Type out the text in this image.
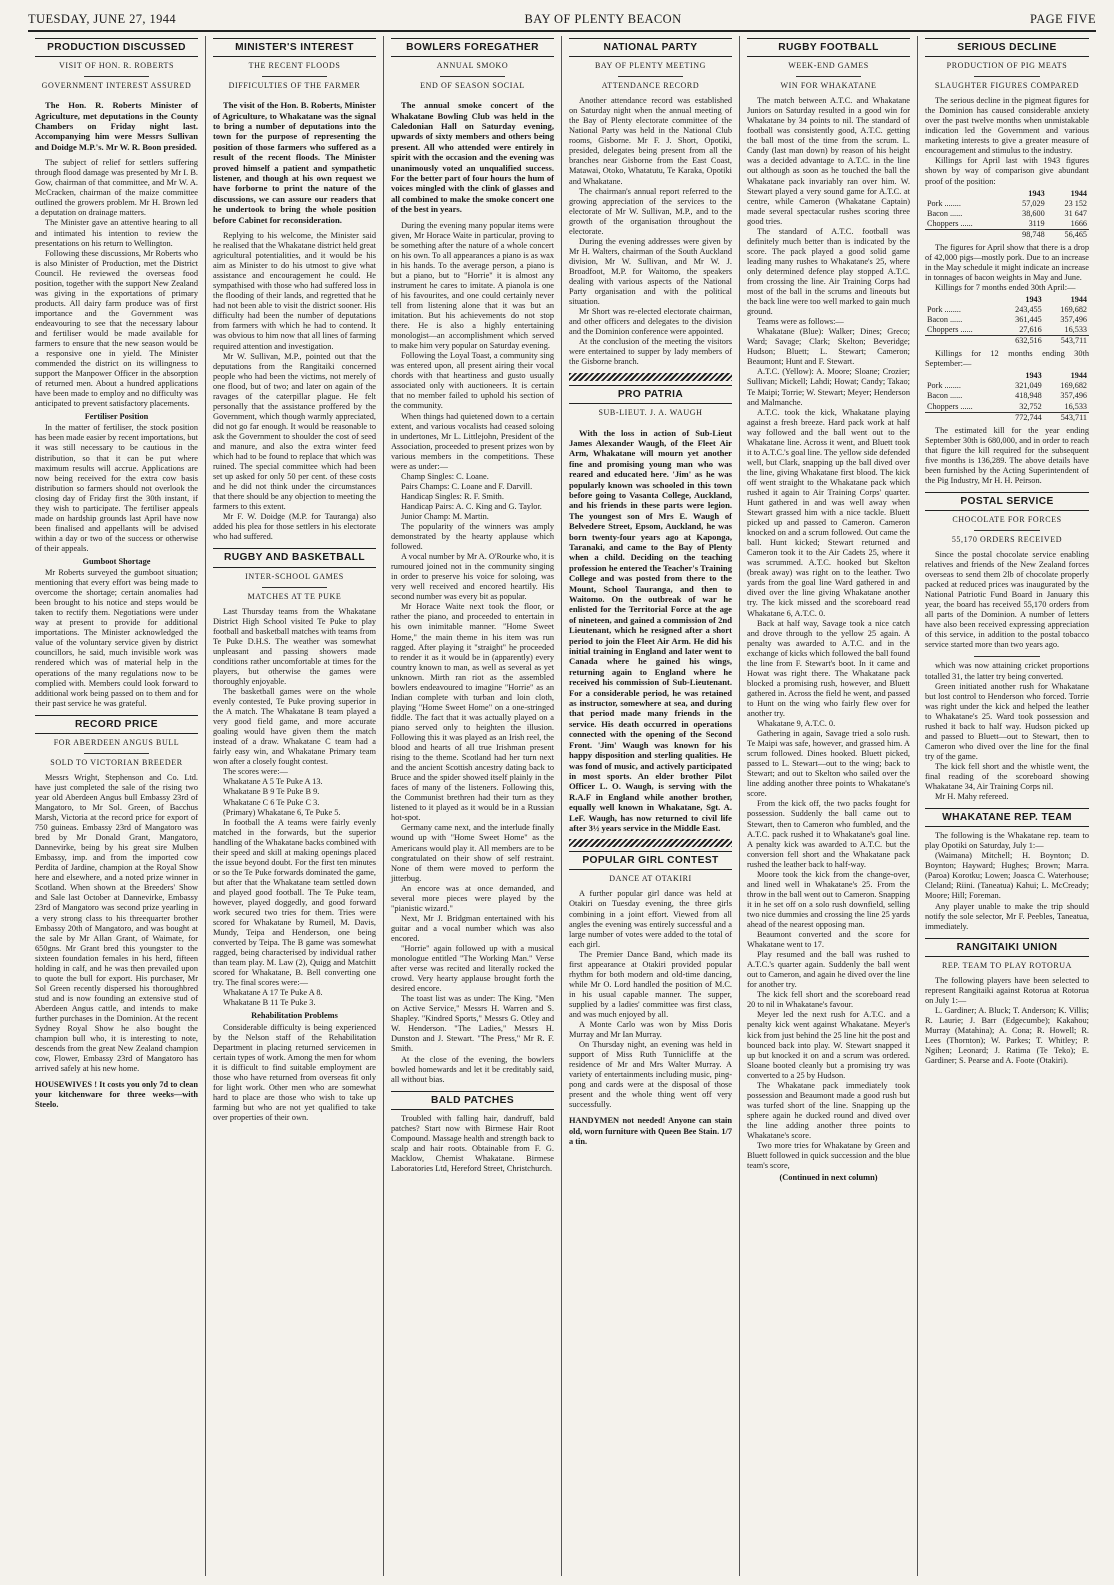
TUESDAY, JUNE 27, 1944	BAY OF PLENTY BEACON	PAGE FIVE
PRODUCTION DISCUSSED
VISIT OF HON. R. ROBERTS
GOVERNMENT INTEREST ASSURED

The Hon. R. Roberts Minister of Agriculture, met deputations in the County Chambers on Friday night last. Accompanying him were Messrs Sullivan and Doidge M.P.'s. Mr W. R. Boon presided.

The subject of relief for settlers suffering through flood damage was presented by Mr I. B. Gow, chairman of that committee, and Mr W. A. McCracken, chairman of the maize committee outlined the growers problem. Mr H. Brown led a deputation on drainage matters.

The Minister gave an attentive hearing to all and intimated his intention to review the presentations on his return to Wellington.

Following these discussions, Mr Roberts who is also Minister of Production, met the District Council. He reviewed the overseas food position, together with the support New Zealand was giving in the exportations of primary products. All dairy farm produce was of first importance and the Government was endeavouring to see that the necessary labour and fertiliser would be made available for farmers to ensure that the new season would be a responsive one in yield. The Minister commended the district on its willingness to support the Manpower Officer in the absorption of returned men. About a hundred applications have been made to employ and no difficulty was anticipated to prevent satisfactory placements.

Fertiliser Position

In the matter of fertiliser, the stock position has been made easier by recent importations, but it was still necessary to be cautious in the distribution, so that it can be put where maximum results will accrue. Applications are now being received for the extra cow basis distribution so farmers should not overlook the closing day of Friday first the 30th instant, if they wish to participate. The fertiliser appeals made on hardship grounds last April have now been finalised and appellants will be advised within a day or two of the success or otherwise of their appeals.

Gumboot Shortage

Mr Roberts surveyed the gumboot situation; mentioning that every effort was being made to overcome the shortage; certain anomalies had been brought to his notice and steps would be taken to rectify them. Negotiations were under way at present to provide for additional importations. The Minister acknowledged the value of the voluntary service given by district councillors, he said, much invisible work was rendered which was of material help in the operations of the many regulations now to be complied with. Members could look forward to additional work being passed on to them and for their past service he was grateful.

RECORD PRICE
FOR ABERDEEN ANGUS BULL
SOLD TO VICTORIAN BREEDER

Messrs Wright, Stephenson and Co. Ltd. have just completed the sale of the rising two year old Aberdeen Angus bull Embassy 23rd of Mangatoro, to Mr Sol. Green, of Bacchus Marsh, Victoria at the record price for export of 750 guineas. Embassy 23rd of Mangatoro was bred by Mr Donald Grant, Mangatoro, Dannevirke, being by his great sire Mulben Embassy, imp. and from the imported cow Perdita of Jardine, champion at the Royal Show here and elsewhere, and a noted prize winner in Scotland. When shown at the Breeders' Show and Sale last October at Dannevirke, Embassy 23rd of Mangatoro was second prize yearling in a very strong class to his threequarter brother Embassy 20th of Mangatoro, and was bought at the sale by Mr Allan Grant, of Waimate, for 650gns. Mr Grant bred this youngster to the sixteen foundation females in his herd, fifteen holding in calf, and he was then prevailed upon to quote the bull for export. His purchaser, Mr Sol Green recently dispersed his thoroughbred stud and is now founding an extensive stud of Aberdeen Angus cattle, and intends to make further purchases in the Dominion. At the recent Sydney Royal Show he also bought the champion bull who, it is interesting to note, descends from the great New Zealand champion cow, Flower, Embassy 23rd of Mangatoro has arrived safely at his new home.

HOUSEWIVES ! It costs you only 7d to clean your kitchenware for three weeks—with Steelo.

MINISTER'S INTEREST
THE RECENT FLOODS
DIFFICULTIES OF THE FARMER

The visit of the Hon. B. Roberts, Minister of Agriculture, to Whakatane was the signal to bring a number of deputations into the town for the purpose of representing the position of those farmers who suffered as a result of the recent floods. The Minister proved himself a patient and sympathetic listener, and though at his own request we have forborne to print the nature of the discussions, we can assure our readers that he undertook to bring the whole position before Cabinet for reconsideration.

Replying to his welcome, the Minister said he realised that the Whakatane district held great agricultural potentialities, and it would be his aim as Minister to do his utmost to give what assistance and encouragement he could. He sympathised with those who had suffered loss in the flooding of their lands, and regretted that he had not been able to visit the district sooner. His difficulty had been the number of deputations from farmers with which he had to contend. It was obvious to him now that all lines of farming required attention and investigation.

Mr W. Sullivan, M.P., pointed out that the deputations from the Rangitaiki concerned people who had been the victims, not merely of one flood, but of two; and later on again of the ravages of the caterpillar plague. He felt personally that the assistance proffered by the Government, which though warmly appreciated, did not go far enough. It would be reasonable to ask the Government to shoulder the cost of seed and manure, and also the extra winter feed which had to be found to replace that which was ruined. The special committee which had been set up asked for only 50 per cent. of these costs and he did not think under the circumstances that there should be any objection to meeting the farmers to this extent.

Mr F. W. Doidge (M.P. for Tauranga) also added his plea for those settlers in his electorate who had suffered.

RUGBY AND BASKETBALL
INTER-SCHOOL GAMES
MATCHES AT TE PUKE

Last Thursday teams from the Whakatane District High School visited Te Puke to play football and basketball matches with teams from Te Puke D.H.S. The weather was somewhat unpleasant and passing showers made conditions rather uncomfortable at times for the players, but otherwise the games were thoroughly enjoyable.

The basketball games were on the whole evenly contested, Te Puke proving superior in the A match. The Whakatane B team played a very good field game, and more accurate goaling would have given them the match instead of a draw. Whakatane C team had a fairly easy win, and Whakatane Primary team won after a closely fought contest.

The scores were:—

Whakatane A 5 Te Puke A 13.

Whakatane B 9 Te Puke B 9.

Whakatane C 6 Te Puke C 3.

(Primary) Whakatane 6, Te Puke 5.

In football the A teams were fairly evenly matched in the forwards, but the superior handling of the Whakatane backs combined with their speed and skill at making openings placed the issue beyond doubt. For the first ten minutes or so the Te Puke forwards dominated the game, but after that the Whakatane team settled down and played good football. The Te Puke team, however, played doggedly, and good forward work secured two tries for them. Tries were scored for Whakatane by Rumeil, M. Davis, Mundy, Teipa and Henderson, one being converted by Teipa. The B game was somewhat ragged, being characterised by individual rather than team play. M. Law (2), Quigg and Matchitt scored for Whakatane, B. Bell converting one try. The final scores were:—

Whakatane A 17 Te Puke A 8.

Whakatane B 11 Te Puke 3.

Rehabilitation Problems

Considerable difficulty is being experienced by the Nelson staff of the Rehabilitation Department in placing returned servicemen in certain types of work. Among the men for whom it is difficult to find suitable employment are those who have returned from overseas fit only for light work. Other men who are somewhat hard to place are those who wish to take up farming but who are not yet qualified to take over properties of their own.

BOWLERS FOREGATHER
ANNUAL SMOKO
END OF SEASON SOCIAL

The annual smoke concert of the Whakatane Bowling Club was held in the Caledonian Hall on Saturday evening, upwards of sixty members and others being present. All who attended were entirely in spirit with the occasion and the evening was unanimously voted an unqualified success. For the better part of four hours the hum of voices mingled with the clink of glasses and all combined to make the smoke concert one of the best in years.

During the evening many popular items were given, Mr Horace Waite in particular, proving to be something after the nature of a whole concert on his own. To all appearances a piano is as wax in his hands. To the average person, a piano is but a piano, but to "Horrie" it is almost any instrument he cares to imitate. A pianola is one of his favourites, and one could certainly never tell from listening alone that it was but an imitation. But his achievements do not stop there. He is also a highly entertaining monologist—an accomplishment which served to make him very popular on Saturday evening.

Following the Loyal Toast, a community sing was entered upon, all present airing their vocal chords with that heartiness and gusto usually associated only with auctioneers. It is certain that no member failed to uphold his section of the community.

When things had quietened down to a certain extent, and various vocalists had ceased soloing in undertones, Mr L. Littlejohn, President of the Association, proceeded to present prizes won by various members in the competitions. These were as under:—

Champ Singles: C. Loane.

Pairs Champs: C. Loane and F. Darvill.

Handicap Singles: R. F. Smith.

Handicap Pairs: A. C. King and G. Taylor.

Junior Champ: M. Martin.

The popularity of the winners was amply demonstrated by the hearty applause which followed.

A vocal number by Mr A. O'Rourke who, it is rumoured joined not in the community singing in order to preserve his voice for soloing, was very well received and encored heartily. His second number was every bit as popular.

Mr Horace Waite next took the floor, or rather the piano, and proceeded to entertain in his own inimitable manner. "Home Sweet Home," the main theme in his item was run ragged. After playing it "straight" he proceeded to render it as it would be in (apparently) every country known to man, as well as several as yet unknown. Mirth ran riot as the assembled bowlers endeavoured to imagine "Horrie" as an Indian complete with turban and loin cloth, playing "Home Sweet Home" on a one-stringed fiddle. The fact that it was actually played on a piano served only to heighten the illusion. Following this it was played as an Irish reel, the blood and hearts of all true Irishman present rising to the theme. Scotland had her turn next and the ancient Scottish ancestry dating back to Bruce and the spider showed itself plainly in the faces of many of the listeners. Following this, the Communist brethren had their turn as they listened to it played as it would be in a Russian hot-spot.

Germany came next, and the interlude finally wound up with "Home Sweet Home" as the Americans would play it. All members are to be congratulated on their show of self restraint. None of them were moved to perform the jitterbug.

An encore was at once demanded, and several more pieces were played by the "pianistic wizard."

Next, Mr J. Bridgman entertained with his guitar and a vocal number which was also encored.

"Horrie" again followed up with a musical monologue entitled "The Working Man." Verse after verse was recited and literally rocked the crowd. Very hearty applause brought forth the desired encore.

The toast list was as under: The King. "Men on Active Service," Messrs H. Warren and S. Shapley. "Kindred Sports," Messrs G. Otley and W. Henderson. "The Ladies," Messrs H. Dunston and J. Stewart. "The Press," Mr R. F. Smith.

At the close of the evening, the bowlers bowled homewards and let it be creditably said, all without bias.

BALD PATCHES

Troubled with falling hair, dandruff, bald patches? Start now with Birmese Hair Root Compound. Massage health and strength back to scalp and hair roots. Obtainable from F. G. Macklow, Chemist Whakatane. Birmese Laboratories Ltd, Hereford Street, Christchurch.

NATIONAL PARTY
BAY OF PLENTY MEETING
ATTENDANCE RECORD

Another attendance record was established on Saturday night when the annual meeting of the Bay of Plenty electorate committee of the National Party was held in the National Club rooms, Gisborne. Mr F. J. Short, Opotiki, presided, delegates being present from all the branches near Gisborne from the East Coast, Matawai, Otoko, Whatatutu, Te Karaka, Opotiki and Whakatane.

The chairman's annual report referred to the growing appreciation of the services to the electorate of Mr W. Sullivan, M.P., and to the growth of the organisation throughout the electorate.

During the evening addresses were given by Mr H. Walters, chairman of the South Auckland division, Mr W. Sullivan, and Mr W. J. Broadfoot, M.P. for Waitomo, the speakers dealing with various aspects of the National Party organisation and with the political situation.

Mr Short was re-elected electorate chairman, and other officers and delegates to the division and the Dominion conference were appointed.

At the conclusion of the meeting the visitors were entertained to supper by lady members of the Gisborne branch.

PRO PATRIA
SUB-LIEUT. J. A. WAUGH

With the loss in action of Sub-Lieut James Alexander Waugh, of the Fleet Air Arm, Whakatane will mourn yet another fine and promising young man who was reared and educated here. 'Jim' as he was popularly known was schooled in this town before going to Vasanta College, Auckland, and his friends in these parts were legion. The youngest son of Mrs E. Waugh of Belvedere Street, Epsom, Auckland, he was born twenty-four years ago at Kaponga, Taranaki, and came to the Bay of Plenty when a child. Deciding on the teaching profession he entered the Teacher's Training College and was posted from there to the Mount, School Tauranga, and then to Waitomo. On the outbreak of war he enlisted for the Territorial Force at the age of nineteen, and gained a commission of 2nd Lieutenant, which he resigned after a short period to join the Fleet Air Arm. He did his initial training in England and later went to Canada where he gained his wings, returning again to England where he received his commission of Sub-Lieutenant. For a considerable period, he was retained as instructor, somewhere at sea, and during that period made many friends in the service. His death occurred in operations connected with the opening of the Second Front. 'Jim' Waugh was known for his happy disposition and sterling qualities. He was fond of music, and actively participated in most sports. An elder brother Pilot Officer L. O. Waugh, is serving with the R.A.F in England while another brother, equally well known in Whakatane, Sgt. A. LeF. Waugh, has now returned to civil life after 3½ years service in the Middle East.

POPULAR GIRL CONTEST
DANCE AT OTAKIRI

A further popular girl dance was held at Otakiri on Tuesday evening, the three girls combining in a joint effort. Viewed from all angles the evening was entirely successful and a large number of votes were added to the total of each girl.

The Premier Dance Band, which made its first appearance at Otakiri provided popular rhythm for both modern and old-time dancing, while Mr O. Lord handled the position of M.C. in his usual capable manner. The supper, supplied by a ladies' committee was first class, and was much enjoyed by all.

A Monte Carlo was won by Miss Doris Murray and Mr Ian Murray.

On Thursday night, an evening was held in support of Miss Ruth Tunnicliffe at the residence of Mr and Mrs Walter Murray. A variety of entertainments including music, ping-pong and cards were at the disposal of those present and the whole thing went off very successfully.

HANDYMEN not needed! Anyone can stain old, worn furniture with Queen Bee Stain. 1/7 a tin.

RUGBY FOOTBALL
WEEK-END GAMES
WIN FOR WHAKATANE

The match between A.T.C. and Whakatane Juniors on Saturday resulted in a good win for Whakatane by 34 points to nil. The standard of football was consistently good, A.T.C. getting the ball most of the time from the scrum. L. Candy (last man down) by reason of his height was a decided advantage to A.T.C. in the line out although as soon as he touched the ball the Whakatane pack invariably ran over him. W. Stewart played a very sound game for A.T.C. at centre, while Cameron (Whakatane Captain) made several spectacular rushes scoring three good tries.

The standard of A.T.C. football was definitely much better than is indicated by the score. The pack played a good solid game leading many rushes to Whakatane's 25, where only determined defence play stopped A.T.C. from crossing the line. Air Training Corps had most of the ball in the scrums and lineouts but the back line were too well marked to gain much ground.

Teams were as follows:—

Whakatane (Blue): Walker; Dines; Greco; Ward; Savage; Clark; Skelton; Beveridge; Hudson; Bluett; L. Stewart; Cameron; Beaumont; Hunt and F. Stewart.

A.T.C. (Yellow): A. Moore; Sloane; Crozier; Sullivan; Mickell; Lahdi; Howat; Candy; Takao; Te Maipi; Torrie; W. Stewart; Meyer; Henderson and Malmanche.

A.T.C. took the kick, Whakatane playing against a fresh breeze. Hard pack work at half way followed and the ball went out to the Whakatane line. Across it went, and Bluett took it to A.T.C.'s goal line. The yellow side defended well, but Clark, snapping up the ball dived over the line, giving Whakatane first blood. The kick off went straight to the Whakatane pack which rushed it again to Air Training Corps' quarter. Hunt gathered in and was well away when Stewart grassed him with a nice tackle. Bluett picked up and passed to Cameron. Cameron knocked on and a scrum followed. Out came the ball. Hunt kicked; Stewart returned and Cameron took it to the Air Cadets 25, where it was scrummed. A.T.C. hooked but Skelton (break away) was right on to the leather. Two yards from the goal line Ward gathered in and dived over the line giving Whakatane another try. The kick missed and the scoreboard read Whakatane 6, A.T.C. 0.

Back at half way, Savage took a nice catch and drove through to the yellow 25 again. A penalty was awarded to A.T.C. and in the exchange of kicks which followed the ball found the line from F. Stewart's boot. In it came and Howat was right there. The Whakatane pack blocked a promising rush, however, and Bluett gathered in. Across the field he went, and passed to Hunt on the wing who fairly flew over for another try.

Whakatane 9, A.T.C. 0.

Gathering in again, Savage tried a solo rush. Te Maipi was safe, however, and grassed him. A scrum followed. Dines hooked. Bluett picked, passed to L. Stewart—out to the wing; back to Stewart; and out to Skelton who sailed over the line adding another three points to Whakatane's score.

From the kick off, the two packs fought for possession. Suddenly the ball came out to Stewart, then to Cameron who fumbled, and the A.T.C. pack rushed it to Whakatane's goal line. A penalty kick was awarded to A.T.C. but the conversion fell short and the Whakatane pack rushed the leather back to half-way.

Moore took the kick from the change-over, and lined well in Whakatane's 25. From the throw in the ball went out to Cameron. Snapping it in he set off on a solo rush downfield, selling two nice dummies and crossing the line 25 yards ahead of the nearest opposing man.

Beaumont converted and the score for Whakatane went to 17.

Play resumed and the ball was rushed to A.T.C.'s quarter again. Suddenly the ball went out to Cameron, and again he dived over the line for another try.

The kick fell short and the scoreboard read 20 to nil in Whakatane's favour.

Meyer led the next rush for A.T.C. and a penalty kick went against Whakatane. Meyer's kick from just behind the 25 line hit the post and bounced back into play. W. Stewart snapped it up but knocked it on and a scrum was ordered. Sloane booted cleanly but a promising try was converted to a 25 by Hudson.

The Whakatane pack immediately took possession and Beaumont made a good rush but was turfed short of the line. Snapping up the sphere again he ducked round and dived over the line adding another three points to Whakatane's score.

Two more tries for Whakatane by Green and Bluett followed in quick succession and the blue team's score,

(Continued in next column)

SERIOUS DECLINE
PRODUCTION OF PIG MEATS
SLAUGHTER FIGURES COMPARED

The serious decline in the pigmeat figures for the Dominion has caused considerable anxiety over the past twelve months when unmistakable indication led the Government and various marketing interests to give a greater measure of encouragement and stimulus to the industry.

Killings for April last with 1943 figures shown by way of comparison give abundant proof of the position:

	1943	1944
Pork ........	57,029	23 152
Bacon ......	38,600	31 647
Choppers ......	3119	1666
	98,748	56,465

The figures for April show that there is a drop of 42,000 pigs—mostly pork. Due to an increase in the May schedule it might indicate an increase in tonnages of bacon weights in May and June.

Killings for 7 months ended 30th April:—

	1943	1944
Pork ........	243,455	169,682
Bacon ......	361,445	357,496
Choppers ......	27,616	16,533
	632,516	543,711

Killings for 12 months ending 30th September:—

	1943	1944
Pork ........	321,049	169,682
Bacon ......	418,948	357,496
Choppers ......	32,752	16,533
	772,744	543,711

The estimated kill for the year ending September 30th is 680,000, and in order to reach that figure the kill required for the subsequent five months is 136,289. The above details have been furnished by the Acting Superintendent of the Pig Industry, Mr H. H. Peirson.

POSTAL SERVICE
CHOCOLATE FOR FORCES
55,170 ORDERS RECEIVED

Since the postal chocolate service enabling relatives and friends of the New Zealand forces overseas to send them 2lb of chocolate properly packed at reduced prices was inaugurated by the National Patriotic Fund Board in January this year, the board has received 55,170 orders from all parts of the Dominion. A number of letters have also been received expressing appreciation of this service, in addition to the postal tobacco service started more than two years ago.

which was now attaining cricket proportions totalled 31, the latter try being converted.

Green initiated another rush for Whakatane but lost control to Henderson who forced. Torrie was right under the kick and helped the leather to Whakatane's 25. Ward took possession and rushed it back to half way. Hudson picked up and passed to Bluett—out to Stewart, then to Cameron who dived over the line for the final try of the game.

The kick fell short and the whistle went, the final reading of the scoreboard showing Whakatane 34, Air Training Corps nil.

Mr H. Mahy refereed.

WHAKATANE REP. TEAM

The following is the Whakatane rep. team to play Opotiki on Saturday, July 1:—

(Waimana) Mitchell; H. Boynton; D. Boynton; Hayward; Hughes; Brown; Marra. (Paroa) Korotku; Lowen; Joasca C. Waterhouse; Cleland; Riini. (Taneatua) Kahui; L. McCready; Moore; Hill; Foreman.

Any player unable to make the trip should notify the sole selector, Mr F. Peebles, Taneatua, immediately.

RANGITAIKI UNION
REP. TEAM TO PLAY ROTORUA

The following players have been selected to represent Rangitaiki against Rotorua at Rotorua on July 1:—

L. Gardiner; A. Bluck; T. Anderson; K. Villis; R. Laurie; J. Barr (Edgecumbe); Kakahou; Murray (Matahina); A. Cona; R. Howell; R. Lees (Thornton); W. Parkes; T. Whitley; P. Ngihen; Leonard; J. Ratima (Te Teko); E. Gardiner; S. Pearse and A. Foote (Otakiri).
